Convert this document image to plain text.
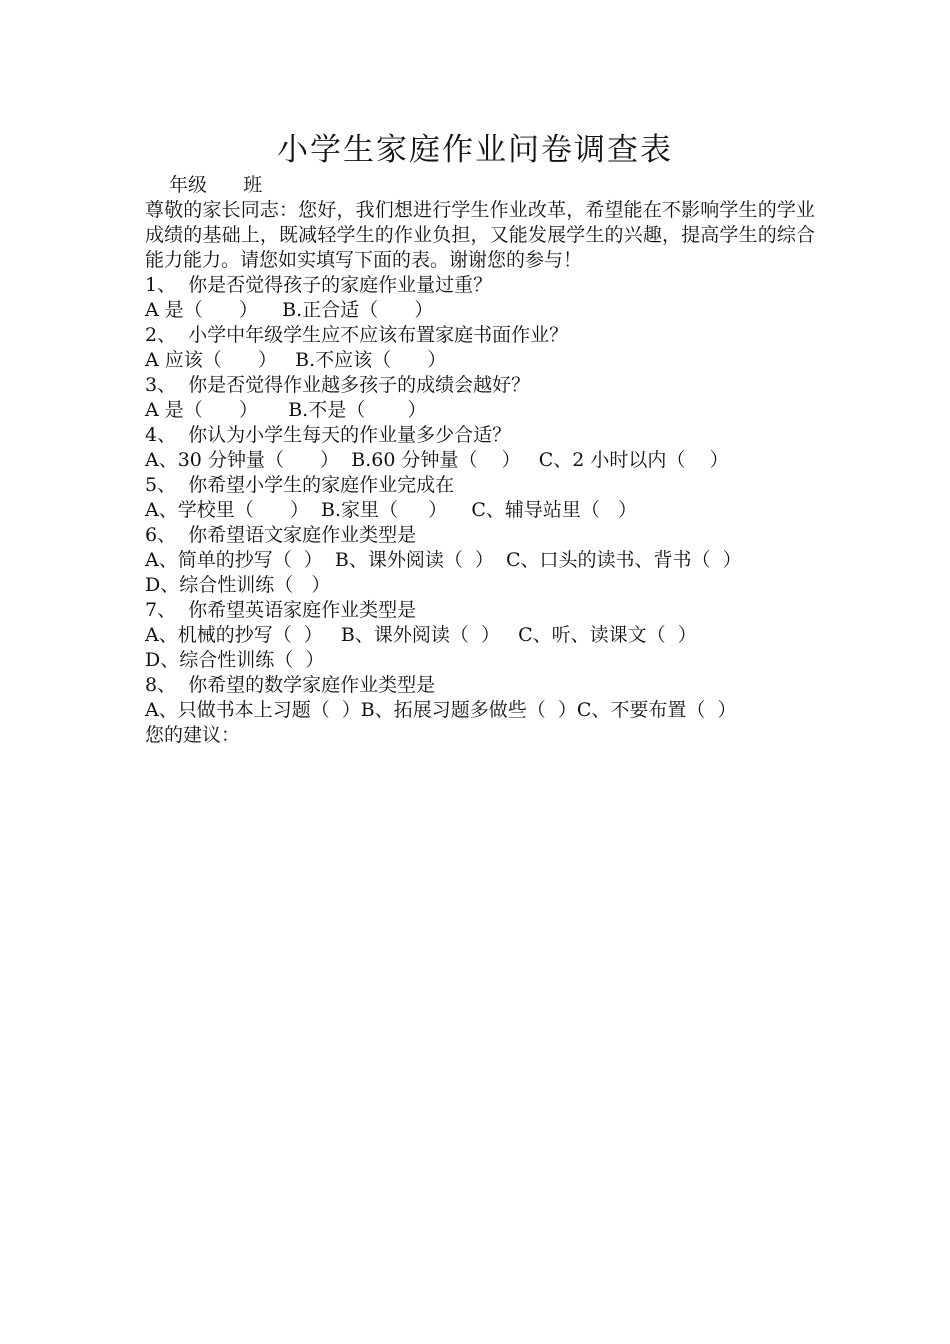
小学生家庭作业问卷调查表
年级      班
尊敬的家长同志：您好，我们想进行学生作业改革，希望能在不影响学生的学业成绩的基础上，既减轻学生的作业负担，又能发展学生的兴趣，提高学生的综合能力能力。请您如实填写下面的表。谢谢您的参与！
1、  你是否觉得孩子的家庭作业量过重？
A 是（      ）    B.正合适（      ）
2、  小学中年级学生应不应该布置家庭书面作业？
A 应该（      ）   B.不应该（      ）
3、  你是否觉得作业越多孩子的成绩会越好？
A 是（      ）     B.不是（       ）
4、  你认为小学生每天的作业量多少合适？
A、30 分钟量（      ）  B.60 分钟量（    ）   C、2 小时以内（    ）
5、  你希望小学生的家庭作业完成在
A、学校里（      ）  B.家里（     ）    C、辅导站里（   ）
6、  你希望语文家庭作业类型是
A、简单的抄写（  ）  B、课外阅读（  ）  C、口头的读书、背书（  ）
D、综合性训练（   ）
7、  你希望英语家庭作业类型是
A、机械的抄写（  ）   B、课外阅读（  ）   C、听、读课文（  ）
D、综合性训练（  ）
8、  你希望的数学家庭作业类型是
A、只做书本上习题（  ）B、拓展习题多做些（  ）C、不要布置（  ）
您的建议：
